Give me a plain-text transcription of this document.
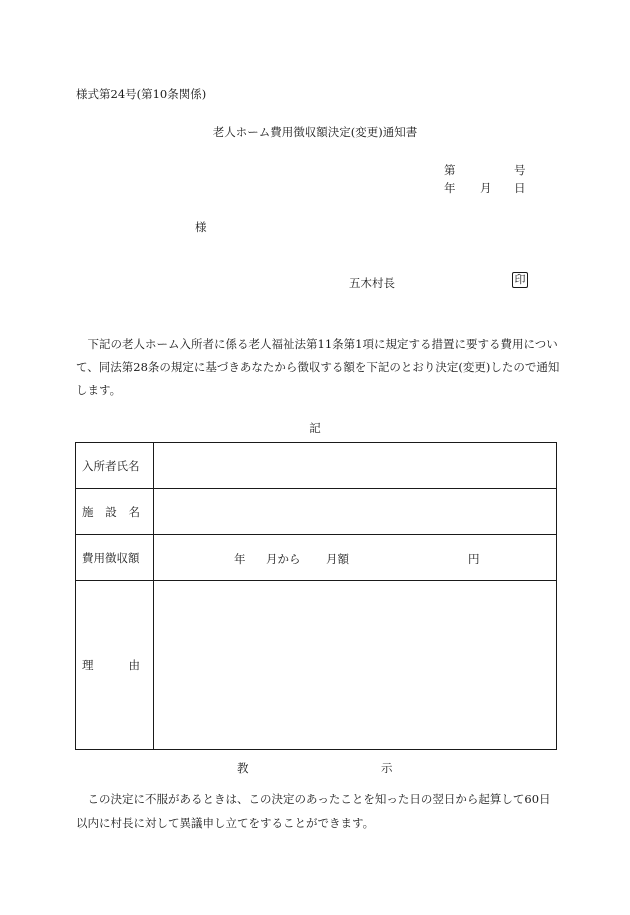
様式第24号(第10条関係)
老人ホーム費用徴収額決定(変更)通知書
第	号
年 月 日
様
五木村長	印
下記の老人ホーム入所者に係る老人福祉法第11条第1項に規定する措置に要する費用について、同法第28条の規定に基づきあなたから徴収する額を下記のとおり決定(変更)したので通知します。
記
入所者氏名	

施 設 名	

費用徴収額	年 月から 月額 円

理 由	

教	示
この決定に不服があるときは、この決定のあったことを知った日の翌日から起算して60日以内に村長に対して異議申し立てをすることができます。
